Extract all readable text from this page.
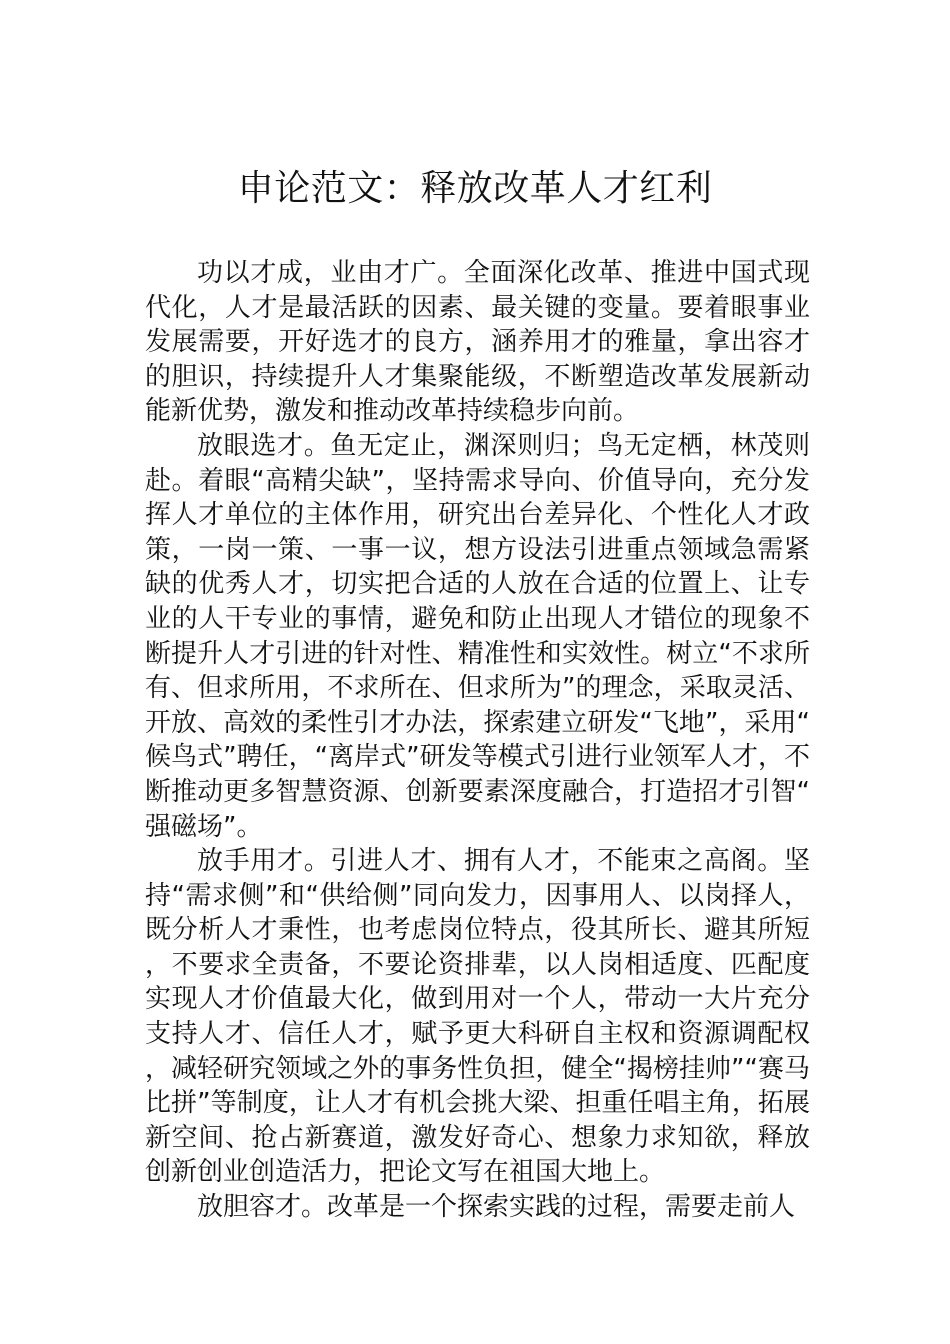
申论范文：释放改革人才红利

功以才成，业由才广。全面深化改革、推进中国式现代化，人才是最活跃的因素、最关键的变量。要着眼事业发展需要，开好选才的良方，涵养用才的雅量，拿出容才的胆识，持续提升人才集聚能级，不断塑造改革发展新动能新优势，激发和推动改革持续稳步向前。

放眼选才。鱼无定止，渊深则归；鸟无定栖，林茂则赴。着眼“高精尖缺”，坚持需求导向、价值导向，充分发挥人才单位的主体作用，研究出台差异化、个性化人才政策，一岗一策、一事一议，想方设法引进重点领域急需紧缺的优秀人才，切实把合适的人放在合适的位置上、让专业的人干专业的事情，避免和防止出现人才错位的现象不断提升人才引进的针对性、精准性和实效性。树立“不求所有、但求所用，不求所在、但求所为”的理念，采取灵活、开放、高效的柔性引才办法，探索建立研发“飞地”，采用“候鸟式”聘任，“离岸式”研发等模式引进行业领军人才，不断推动更多智慧资源、创新要素深度融合，打造招才引智“强磁场”。

放手用才。引进人才、拥有人才，不能束之高阁。坚持“需求侧”和“供给侧”同向发力，因事用人、以岗择人，既分析人才秉性，也考虑岗位特点，役其所长、避其所短，不要求全责备，不要论资排辈，以人岗相适度、匹配度实现人才价值最大化，做到用对一个人，带动一大片充分支持人才、信任人才，赋予更大科研自主权和资源调配权，减轻研究领域之外的事务性负担，健全“揭榜挂帅”“赛马比拼”等制度，让人才有机会挑大梁、担重任唱主角，拓展新空间、抢占新赛道，激发好奇心、想象力求知欲，释放创新创业创造活力，把论文写在祖国大地上。

放胆容才。改革是一个探索实践的过程，需要走前人
